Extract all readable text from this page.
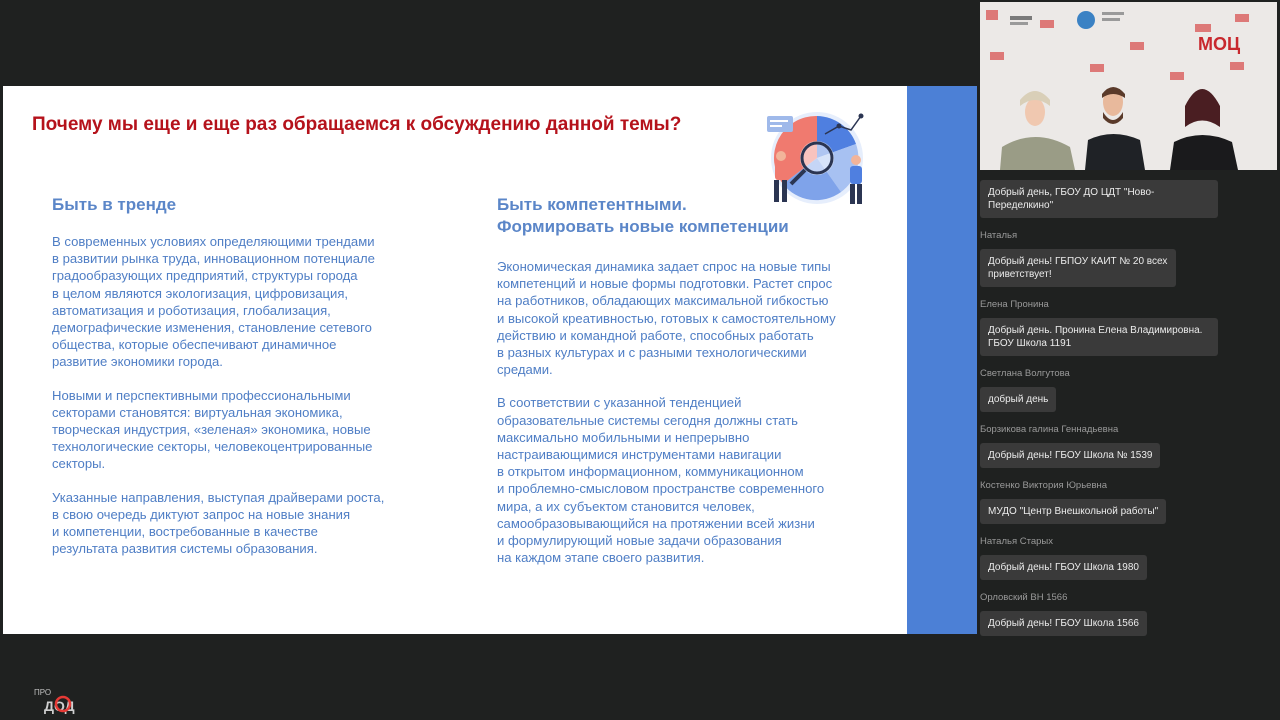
Почему мы еще и еще раз обращаемся к обсуждению данной темы?
Быть в тренде

В современных условиях определяющими трендами
в развитии рынка труда, инновационном потенциале
градообразующих предприятий, структуры города
в целом являются экологизация, цифровизация,
автоматизация и роботизация, глобализация,
демографические изменения, становление сетевого
общества, которые обеспечивают динамичное
развитие экономики города.

Новыми и перспективными профессиональными
секторами становятся: виртуальная экономика,
творческая индустрия, «зеленая» экономика, новые
технологические секторы, человекоцентрированные
секторы.

Указанные направления, выступая драйверами роста,
в свою очередь диктуют запрос на новые знания
и компетенции, востребованные в качестве
результата развития системы образования.

Быть компетентными.
Формировать новые компетенции

Экономическая динамика задает спрос на новые типы
компетенций и новые формы подготовки. Растет спрос
на работников, обладающих максимальной гибкостью
и высокой креативностью, готовых к самостоятельному
действию и командной работе, способных работать
в разных культурах и с разными технологическими
средами.

В соответствии с указанной тенденцией
образовательные системы сегодня должны стать
максимально мобильными и непрерывно
настраивающимися инструментами навигации
в открытом информационном, коммуникационном
и проблемно-смысловом пространстве современного
мира, а их субъектом становится человек,
самообразовывающийся на протяжении всей жизни
и формулирующий новые задачи образования
на каждом этапе своего развития.

МОЦ
Добрый день, ГБОУ ДО ЦДТ "Ново-Переделкино"
Наталья
Добрый день! ГБПОУ КАИТ № 20 всех приветствует!
Елена Пронина
Добрый день. Пронина Елена Владимировна. ГБОУ Школа 1191
Светлана Волгутова
добрый день
Борзикова галина Геннадьевна
Добрый день! ГБОУ Школа № 1539
Костенко Виктория Юрьевна
МУДО "Центр Внешкольной работы"
Наталья Старых
Добрый день! ГБОУ Школа 1980
Орловский ВН 1566
Добрый день! ГБОУ Школа 1566
ПРО
ДОД
